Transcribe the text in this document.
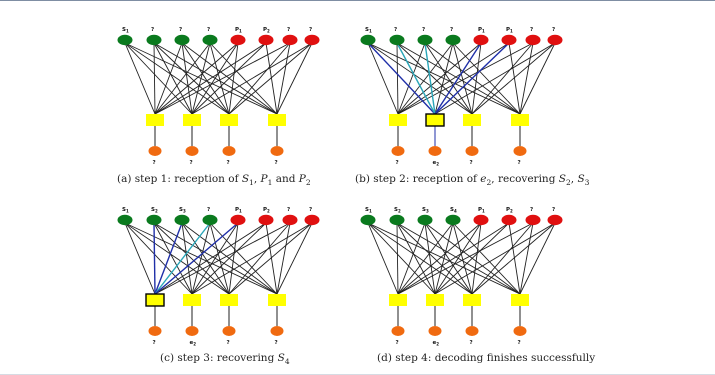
$S_1$	?	?	?	$P_1$	$P_2$	?	?
?	?	?	?
(a) step 1: reception of $S_1$, $P_1$ and $P_2$
$S_1$	?	?	?	$P_1$	$P_1$	?	?
?	$e_2$	?	?
(b) step 2: reception of $e_2$, recovering $S_2$, $S_3$
$S_1$	$S_2$	$S_3$	?	$P_1$	$P_2$	?	?
?	$e_2$	?	?
(c) step 3: recovering $S_4$
$S_1$	$S_2$	$S_3$	$S_4$	$P_1$	$P_2$	?	?
?	$e_2$	?	?
(d) step 4: decoding finishes successfully
